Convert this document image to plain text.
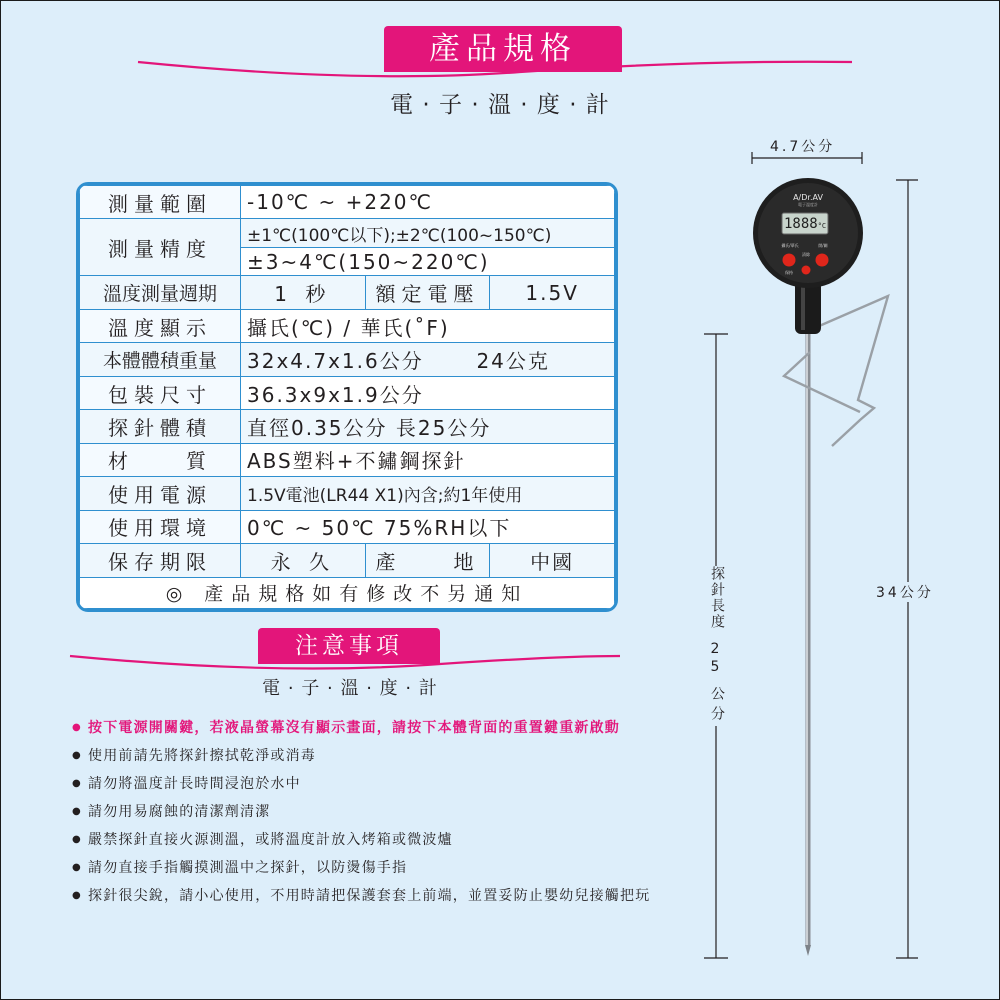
產品規格
電 · 子 · 溫 · 度 · 計
測量範圍	-10℃ ~ +220℃		
測量精度	±1℃(100℃以下);±2℃(100~150℃)		
	±3~4℃(150~220℃)		
溫度測量週期	1 秒	額定電壓	1.5V
溫度顯示	攝氏(℃) / 華氏(˚F)		
本體體積重量	32x4.7x1.6公分 24公克		
包裝尺寸	36.3x9x1.9公分		
探針體積	直徑0.35公分 長25公分		
材　　質	ABS塑料+不鏽鋼探針		
使用電源	1.5V電池(LR44 X1)內含;約1年使用		
使用環境	0℃ ~ 50℃ 75%RH以下		
保存期限	永 久	產　　地	中國
◎ 產品規格如有修改不另通知			
注意事項
電 · 子 · 溫 · 度 · 計
● 按下電源開關鍵，若液晶螢幕沒有顯示畫面，請按下本體背面的重置鍵重新啟動
● 使用前請先將探針擦拭乾淨或消毒
● 請勿將溫度計長時間浸泡於水中
● 請勿用易腐蝕的清潔劑清潔
● 嚴禁探針直接火源測溫，或將溫度計放入烤箱或微波爐
● 請勿直接手指觸摸測溫中之探針，以防燙傷手指
● 探針很尖銳，請小心使用，不用時請把保護套套上前端，並置妥防止嬰幼兒接觸把玩
A/Dr.AV
電子溫度計
1888°C
攝氏/華氏	開/關
清除
保持
4.7公分
34公分
探針長度
25
公分
